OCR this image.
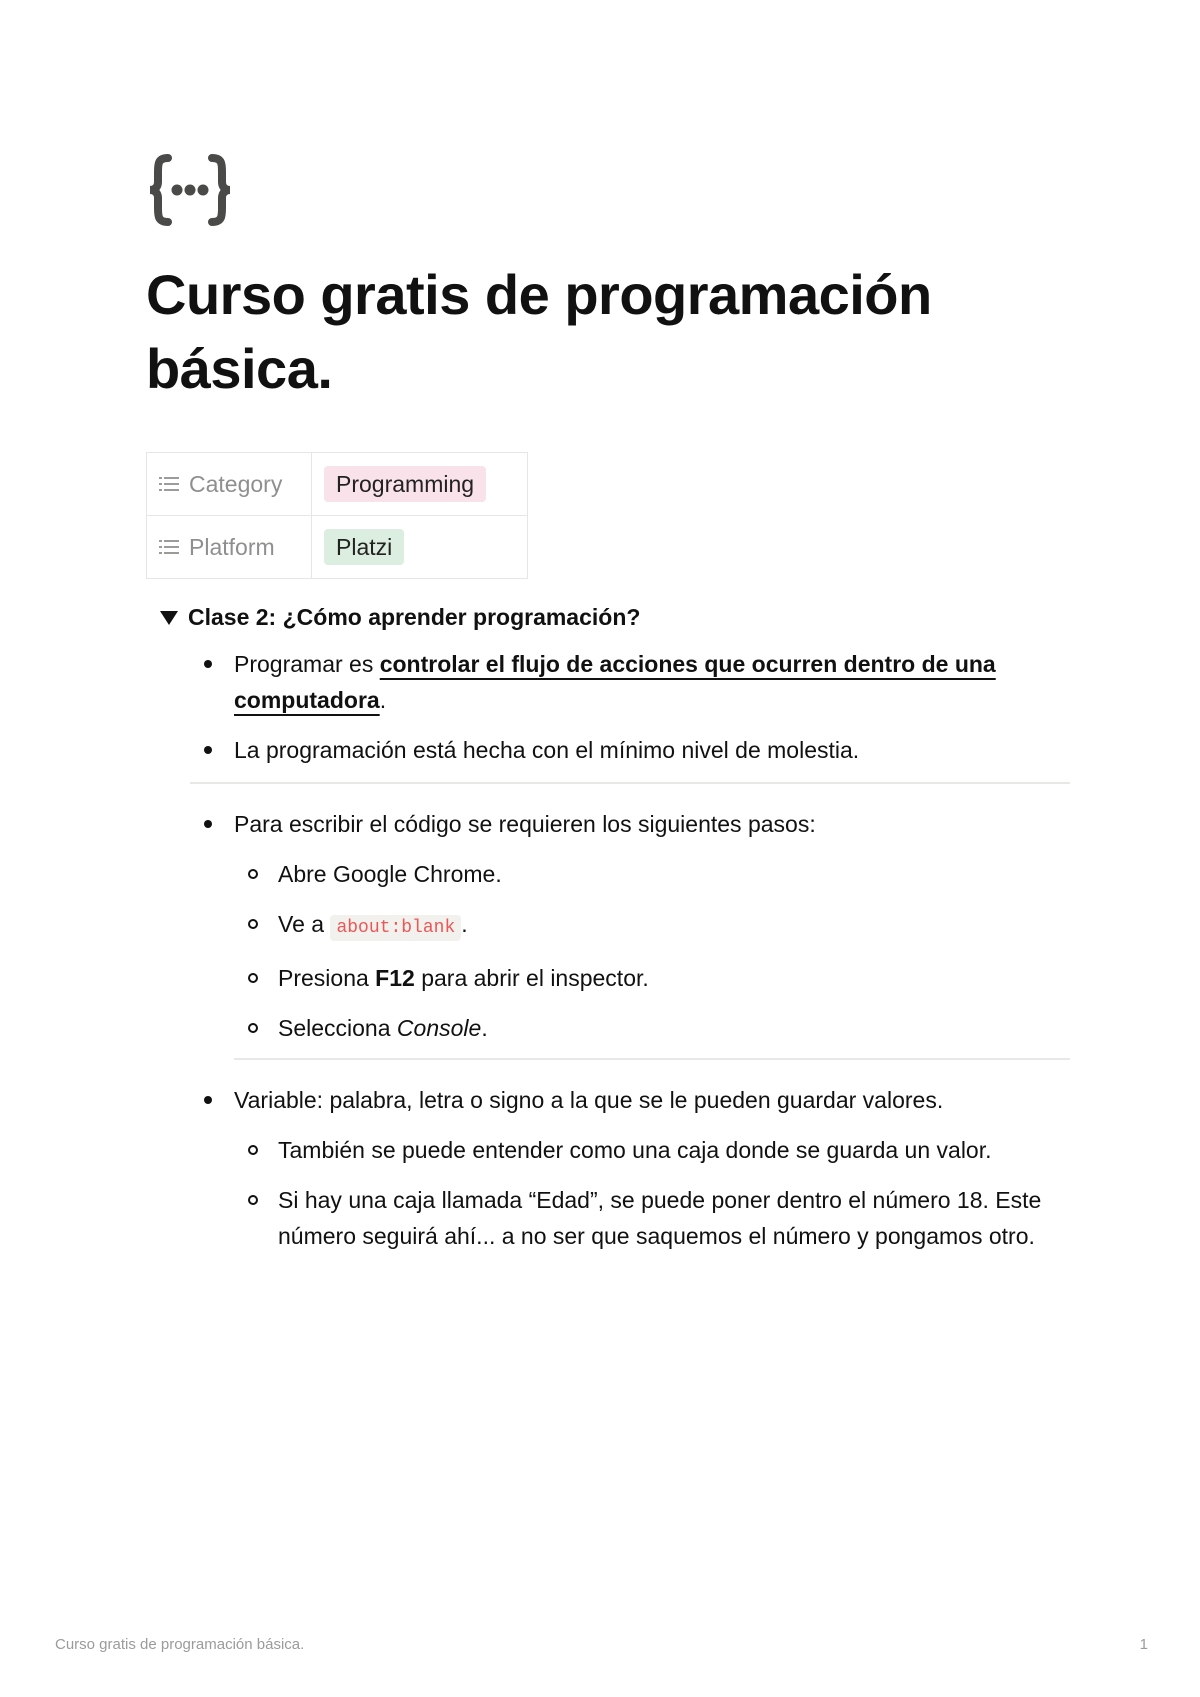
Curso gratis de programación básica.
Category	Programming

Platform	Platzi
Clase 2: ¿Cómo aprender programación?
Programar es controlar el flujo de acciones que ocurren dentro de una computadora.
La programación está hecha con el mínimo nivel de molestia.
Para escribir el código se requieren los siguientes pasos:
Abre Google Chrome.
Ve a about:blank .
Presiona F12 para abrir el inspector.
Selecciona Console.
Variable: palabra, letra o signo a la que se le pueden guardar valores.
También se puede entender como una caja donde se guarda un valor.
Si hay una caja llamada “Edad”, se puede poner dentro el número 18. Este número seguirá ahí... a no ser que saquemos el número y pongamos otro.
Curso gratis de programación básica.	1
